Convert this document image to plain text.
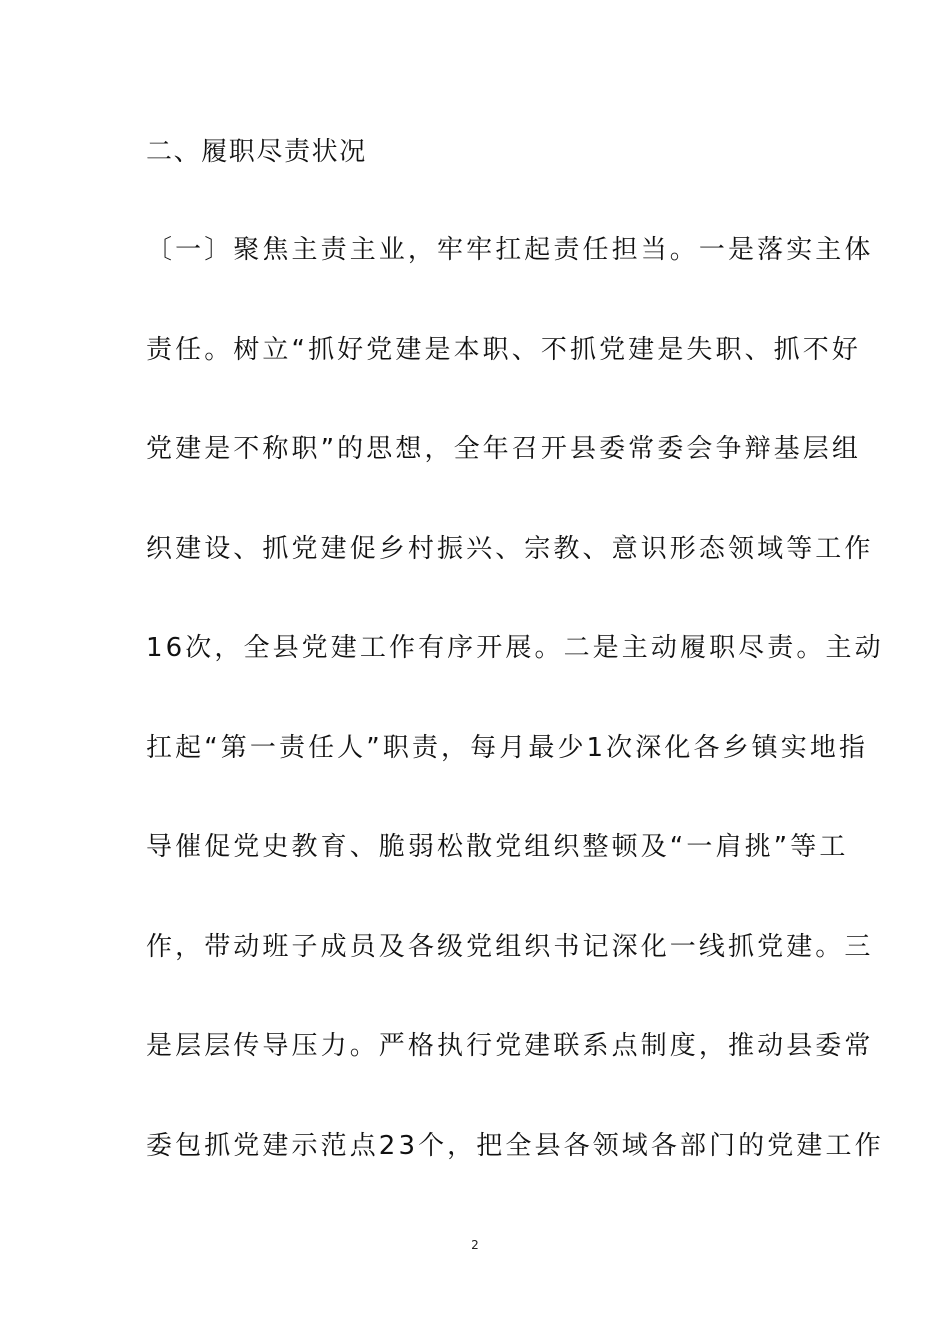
二、履职尽责状况
〔一〕聚焦主责主业，牢牢扛起责任担当。一是落实主体
责任。树立“抓好党建是本职、不抓党建是失职、抓不好
党建是不称职”的思想，全年召开县委常委会争辩基层组
织建设、抓党建促乡村振兴、宗教、意识形态领域等工作
16次，全县党建工作有序开展。二是主动履职尽责。主动
扛起“第一责任人”职责，每月最少1次深化各乡镇实地指
导催促党史教育、脆弱松散党组织整顿及“一肩挑”等工
作，带动班子成员及各级党组织书记深化一线抓党建。三
是层层传导压力。严格执行党建联系点制度，推动县委常
委包抓党建示范点23个，把全县各领域各部门的党建工作
2
